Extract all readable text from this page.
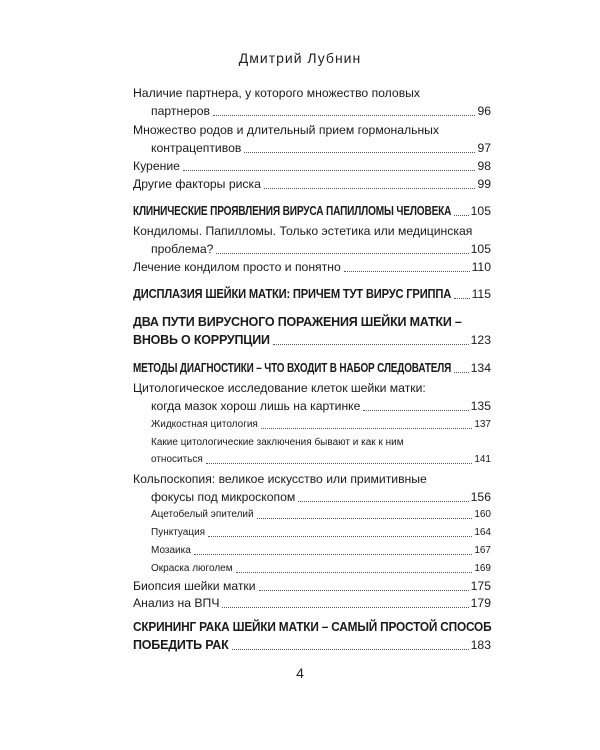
Дмитрий Лубнин
Наличие партнера, у которого множество половых
партнеров	96
Множество родов и длительный прием гормональных
контрацептивов	97
Курение	98
Другие факторы риска	99
КЛИНИЧЕСКИЕ ПРОЯВЛЕНИЯ ВИРУСА ПАПИЛЛОМЫ ЧЕЛОВЕКА 105
Кондиломы. Папилломы. Только эстетика или медицинская
проблема?	105
Лечение кондилом просто и понятно	110
ДИСПЛАЗИЯ ШЕЙКИ МАТКИ: ПРИЧЕМ ТУТ ВИРУС ГРИППА 115
ДВА ПУТИ ВИРУСНОГО ПОРАЖЕНИЯ ШЕЙКИ МАТКИ –
ВНОВЬ О КОРРУПЦИИ	123
МЕТОДЫ ДИАГНОСТИКИ – ЧТО ВХОДИТ В НАБОР СЛЕДОВАТЕЛЯ 134
Цитологическое исследование клеток шейки матки:
когда мазок хорош лишь на картинке	135
Жидкостная цитология	137
Какие цитологические заключения бывают и как к ним
относиться	141
Кольпоскопия: великое искусство или примитивные
фокусы под микроскопом	156
Ацетобелый эпителий	160
Пунктуация	164
Мозаика	167
Окраска люголем	169
Биопсия шейки матки	175
Анализ на ВПЧ	179
СКРИНИНГ РАКА ШЕЙКИ МАТКИ – САМЫЙ ПРОСТОЙ СПОСОБ
ПОБЕДИТЬ РАК	183
4
